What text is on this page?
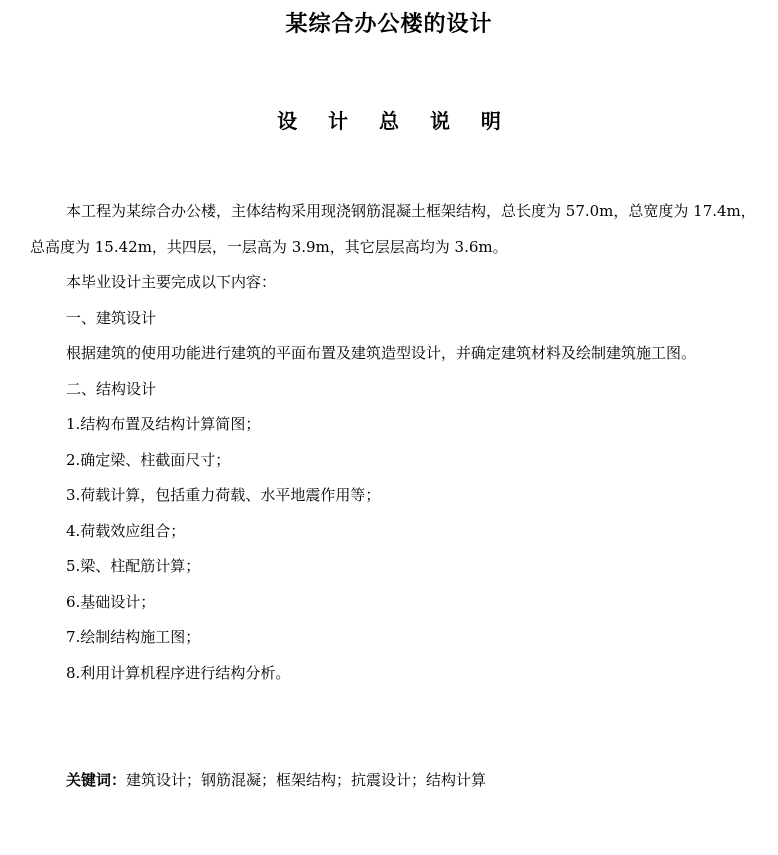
某综合办公楼的设计
设 计 总 说 明

本工程为某综合办公楼，主体结构采用现浇钢筋混凝土框架结构，总长度为 57.0m，总宽度为 17.4m， 总高度为 15.42m，共四层，一层高为 3.9m，其它层层高均为 3.6m。

本毕业设计主要完成以下内容：

一、建筑设计

根据建筑的使用功能进行建筑的平面布置及建筑造型设计，并确定建筑材料及绘制建筑施工图。

二、结构设计

1.结构布置及结构计算简图；

2.确定梁、柱截面尺寸；

3.荷载计算，包括重力荷载、水平地震作用等；

4.荷载效应组合；

5.梁、柱配筋计算；

6.基础设计；

7.绘制结构施工图；

8.利用计算机程序进行结构分析。

关键词：建筑设计；钢筋混凝；框架结构；抗震设计；结构计算
